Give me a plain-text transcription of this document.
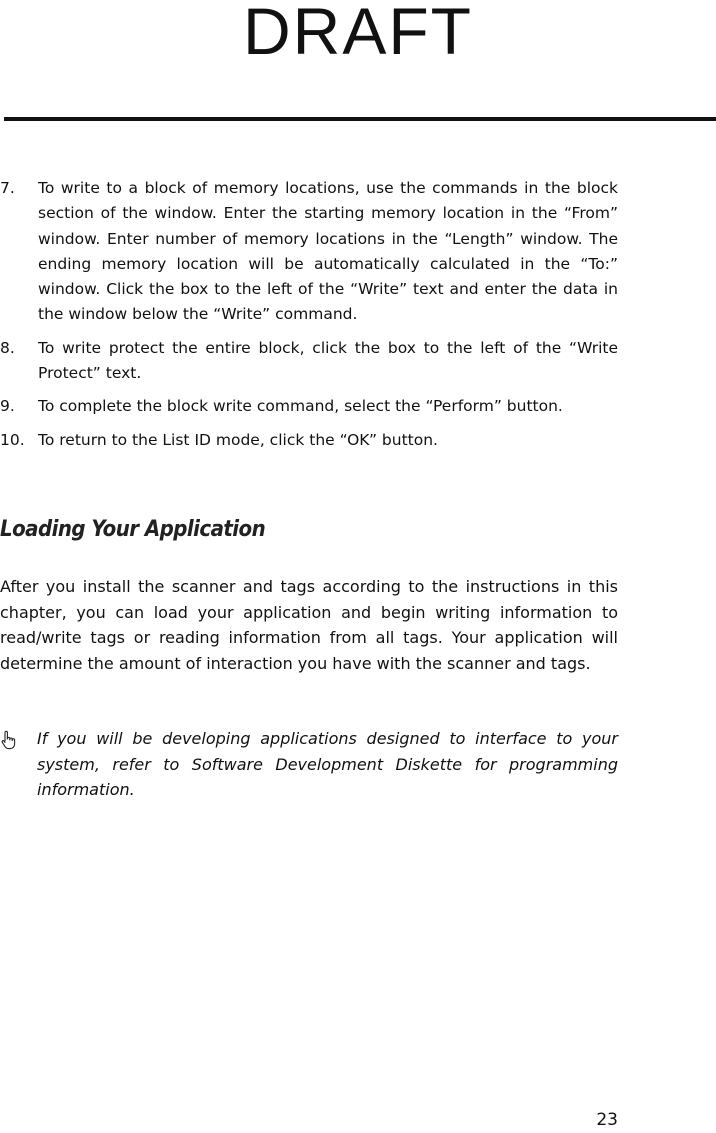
DRAFT
7. To write to a block of memory locations, use the commands in the block section of the window. Enter the starting memory location in the “From” window. Enter number of memory locations in the “Length” window. The ending memory location will be automatically calculated in the “To:” window. Click the box to the left of the “Write” text and enter the data in the window below the “Write” command.
8. To write protect the entire block, click the box to the left of the “Write Protect” text.
9. To complete the block write command, select the “Perform” button.
10. To return to the List ID mode, click the “OK” button.
Loading Your Application

After you install the scanner and tags according to the instructions in this chapter, you can load your application and begin writing information to read/write tags or reading information from all tags. Your application will determine the amount of interaction you have with the scanner and tags.

If you will be developing applications designed to interface to your system, refer to Software Development Diskette for programming information.

23
